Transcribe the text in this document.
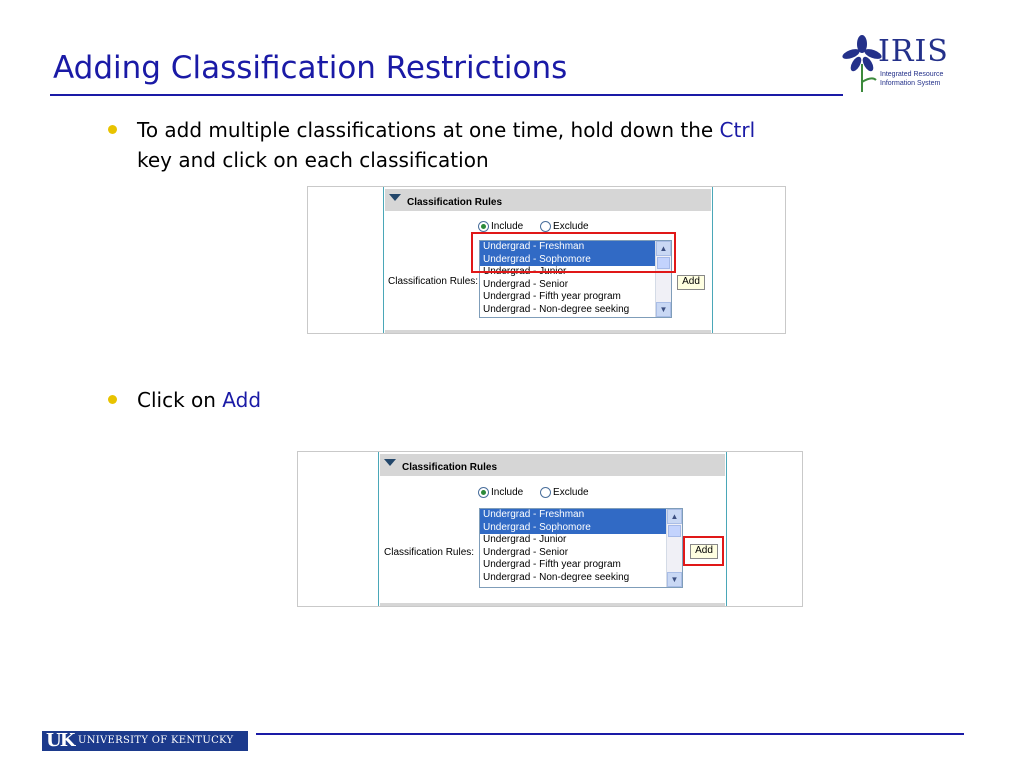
Adding Classification Restrictions	IRIS
Integrated Resource
Information System
To add multiple classifications at one time, hold down the Ctrl
key and click on each classification
Classification Rules
Include	Exclude
Classification Rules:
Undergrad - Freshman
Undergrad - Sophomore
Undergrad - Junior
Undergrad - Senior
Undergrad - Fifth year program
Undergrad - Non-degree seeking
▲
▼
Add
Click on Add
Classification Rules
Include	Exclude
Classification Rules:
Undergrad - Freshman
Undergrad - Sophomore
Undergrad - Junior
Undergrad - Senior
Undergrad - Fifth year program
Undergrad - Non-degree seeking
▲
▼
Add
UK UNIVERSITY OF KENTUCKY
